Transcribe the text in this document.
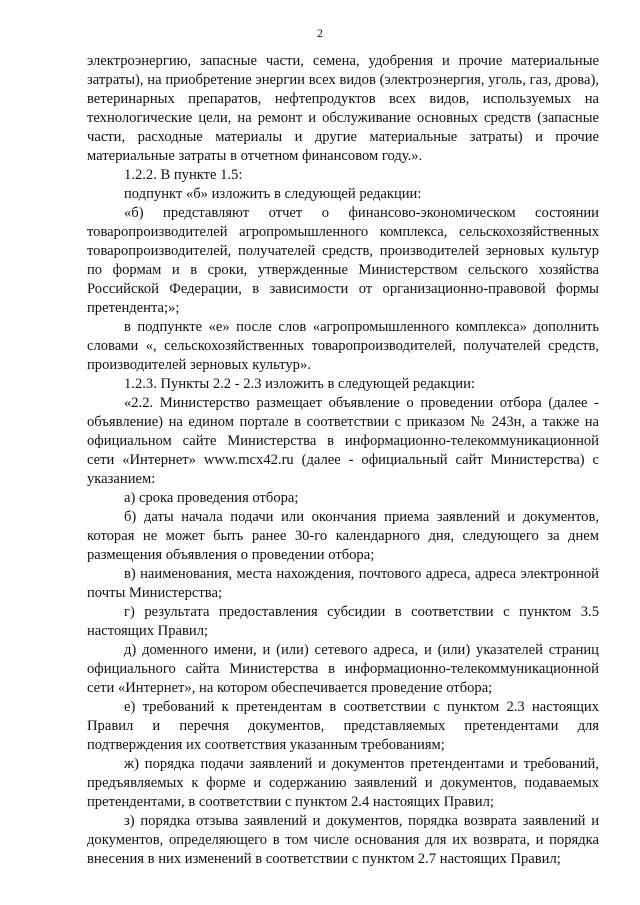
2

электроэнергию, запасные части, семена, удобрения и прочие материальные затраты), на приобретение энергии всех видов (электроэнергия, уголь, газ, дрова), ветеринарных препаратов, нефтепродуктов всех видов, используемых на технологические цели, на ремонт и обслуживание основных средств (запасные части, расходные материалы и другие материальные затраты) и прочие материальные затраты в отчетном финансовом году.».

1.2.2. В пункте 1.5:

подпункт «б» изложить в следующей редакции:

«б) представляют отчет о финансово-экономическом состоянии товаропроизводителей агропромышленного комплекса, сельскохозяйственных товаропроизводителей, получателей средств, производителей зерновых культур по формам и в сроки, утвержденные Министерством сельского хозяйства Российской Федерации, в зависимости от организационно-правовой формы претендента;»;

в подпункте «е» после слов «агропромышленного комплекса» дополнить словами «, сельскохозяйственных товаропроизводителей, получателей средств, производителей зерновых культур».

1.2.3. Пункты 2.2 - 2.3 изложить в следующей редакции:

«2.2. Министерство размещает объявление о проведении отбора (далее - объявление) на едином портале в соответствии с приказом № 243н, а также на официальном сайте Министерства в информационно-телекоммуникационной сети «Интернет» www.mcx42.ru (далее - официальный сайт Министерства) с указанием:

а) срока проведения отбора;

б) даты начала подачи или окончания приема заявлений и документов, которая не может быть ранее 30-го календарного дня, следующего за днем размещения объявления о проведении отбора;

в) наименования, места нахождения, почтового адреса, адреса электронной почты Министерства;

г) результата предоставления субсидии в соответствии с пунктом 3.5 настоящих Правил;

д) доменного имени, и (или) сетевого адреса, и (или) указателей страниц официального сайта Министерства в информационно-телекоммуникационной сети «Интернет», на котором обеспечивается проведение отбора;

е) требований к претендентам в соответствии с пунктом 2.3 настоящих Правил и перечня документов, представляемых претендентами для подтверждения их соответствия указанным требованиям;

ж) порядка подачи заявлений и документов претендентами и требований, предъявляемых к форме и содержанию заявлений и документов, подаваемых претендентами, в соответствии с пунктом 2.4 настоящих Правил;

з) порядка отзыва заявлений и документов, порядка возврата заявлений и документов, определяющего в том числе основания для их возврата, и порядка внесения в них изменений в соответствии с пунктом 2.7 настоящих Правил;
